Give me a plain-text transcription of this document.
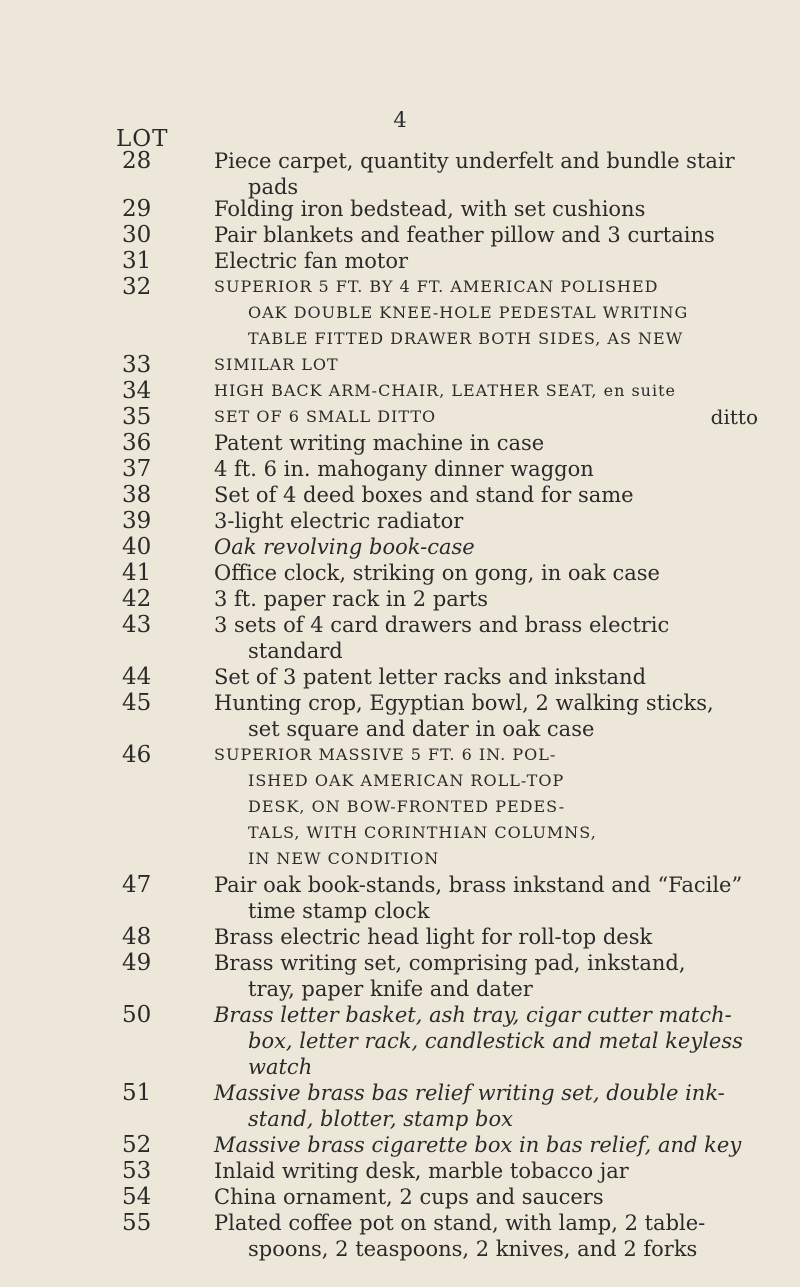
4
LOT
28	Piece carpet, quantity underfelt and bundle stair
pads
29	Folding iron bedstead, with set cushions
30	Pair blankets and feather pillow and 3 curtains
31	Electric fan motor
32	SUPERIOR 5 FT. BY 4 FT. AMERICAN POLISHED
OAK DOUBLE KNEE-HOLE PEDESTAL WRITING
TABLE FITTED DRAWER BOTH SIDES, AS NEW
33	SIMILAR LOT
34	HIGH BACK ARM-CHAIR, LEATHER SEAT, en suite
35	SET OF 6 SMALL DITTO	ditto
36	Patent writing machine in case
37	4 ft. 6 in. mahogany dinner waggon
38	Set of 4 deed boxes and stand for same
39	3-light electric radiator
40	Oak revolving book-case
41	Office clock, striking on gong, in oak case
42	3 ft. paper rack in 2 parts
43	3 sets of 4 card drawers and brass electric
standard
44	Set of 3 patent letter racks and inkstand
45	Hunting crop, Egyptian bowl, 2 walking sticks,
set square and dater in oak case
46	SUPERIOR MASSIVE 5 FT. 6 IN. POL-
ISHED OAK AMERICAN ROLL-TOP
DESK, ON BOW-FRONTED PEDES-
TALS, WITH CORINTHIAN COLUMNS,
IN NEW CONDITION
47	Pair oak book-stands, brass inkstand and “Facile”
time stamp clock
48	Brass electric head light for roll-top desk
49	Brass writing set, comprising pad, inkstand,
tray, paper knife and dater
50	Brass letter basket, ash tray, cigar cutter match-
box, letter rack, candlestick and metal keyless
watch
51	Massive brass bas relief writing set, double ink-
stand, blotter, stamp box
52	Massive brass cigarette box in bas relief, and key
53	Inlaid writing desk, marble tobacco jar
54	China ornament, 2 cups and saucers
55	Plated coffee pot on stand, with lamp, 2 table-
spoons, 2 teaspoons, 2 knives, and 2 forks
